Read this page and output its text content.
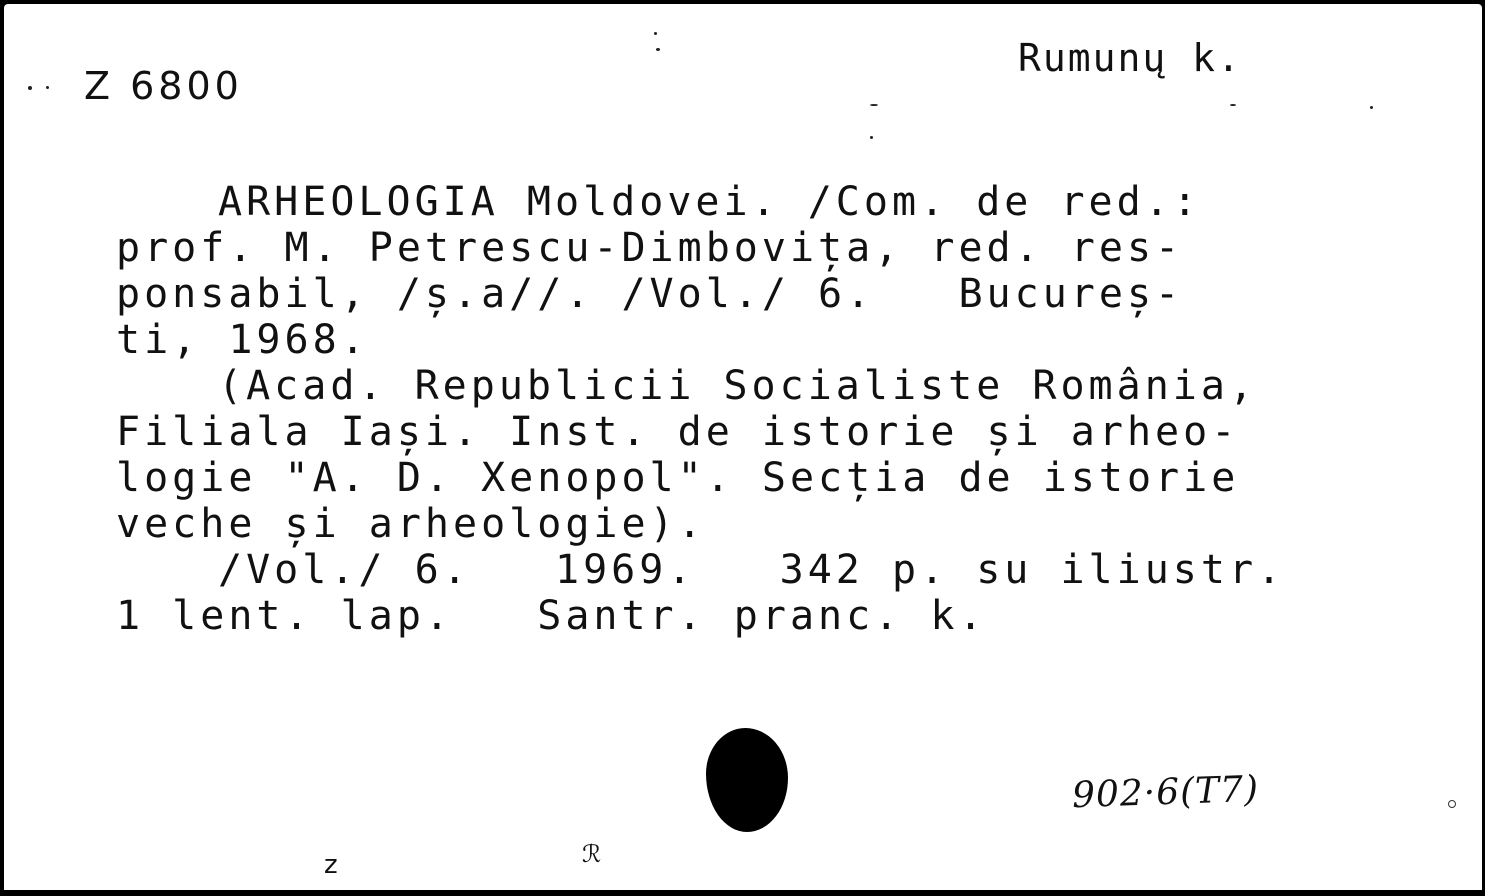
Z 6800
Rumunų k.
ARHEOLOGIA Moldovei. /Com. de red.:
prof. M. Petrescu-Dimbovița, red. res-
ponsabil, /ș.a//. /Vol./ 6.   Bucureș-
ti, 1968.
(Acad. Republicii Socialiste România,
Filiala Iași. Inst. de istorie și arheo-
logie "A. D. Xenopol". Secția de istorie
veche și arheologie).
/Vol./ 6.   1969.   342 p. su iliustr.
1 lent. lap.   Santr. pranc. k.
902·6(T7)
z	ℛ
